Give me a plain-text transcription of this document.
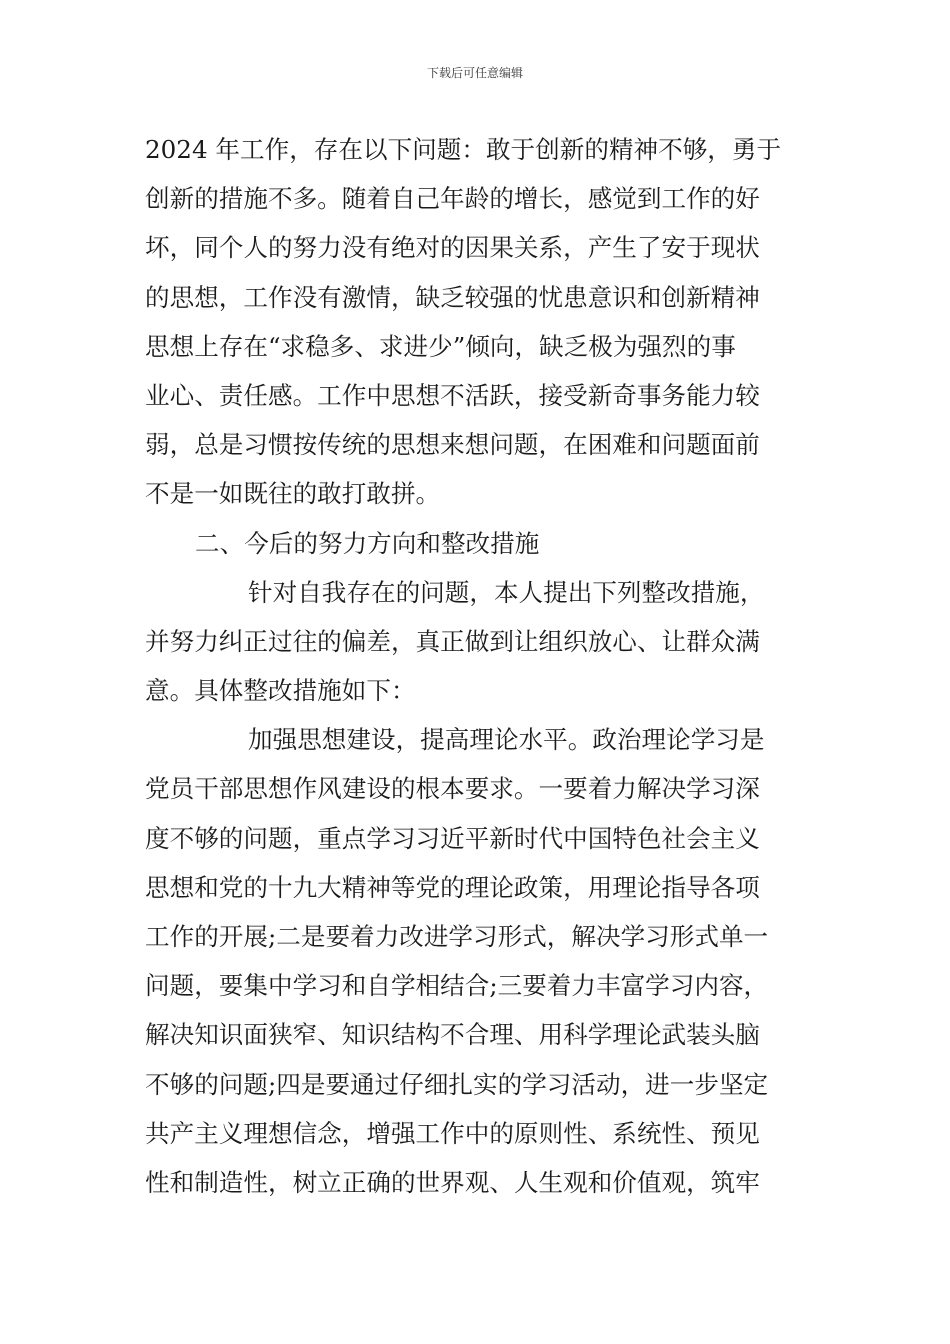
下载后可任意编辑
2024 年工作，存在以下问题：敢于创新的精神不够，勇于
创新的措施不多。随着自己年龄的增长，感觉到工作的好
坏，同个人的努力没有绝对的因果关系，产生了安于现状
的思想，工作没有激情，缺乏较强的忧患意识和创新精神
思想上存在“求稳多、求进少”倾向，缺乏极为强烈的事
业心、责任感。工作中思想不活跃，接受新奇事务能力较
弱，总是习惯按传统的思想来想问题，在困难和问题面前
不是一如既往的敢打敢拼。
二、今后的努力方向和整改措施
针对自我存在的问题，本人提出下列整改措施，
并努力纠正过往的偏差，真正做到让组织放心、让群众满
意。具体整改措施如下：
加强思想建设，提高理论水平。政治理论学习是
党员干部思想作风建设的根本要求。一要着力解决学习深
度不够的问题，重点学习习近平新时代中国特色社会主义
思想和党的十九大精神等党的理论政策，用理论指导各项
工作的开展;二是要着力改进学习形式，解决学习形式单一
问题，要集中学习和自学相结合;三要着力丰富学习内容，
解决知识面狭窄、知识结构不合理、用科学理论武装头脑
不够的问题;四是要通过仔细扎实的学习活动，进一步坚定
共产主义理想信念，增强工作中的原则性、系统性、预见
性和制造性，树立正确的世界观、人生观和价值观，筑牢
